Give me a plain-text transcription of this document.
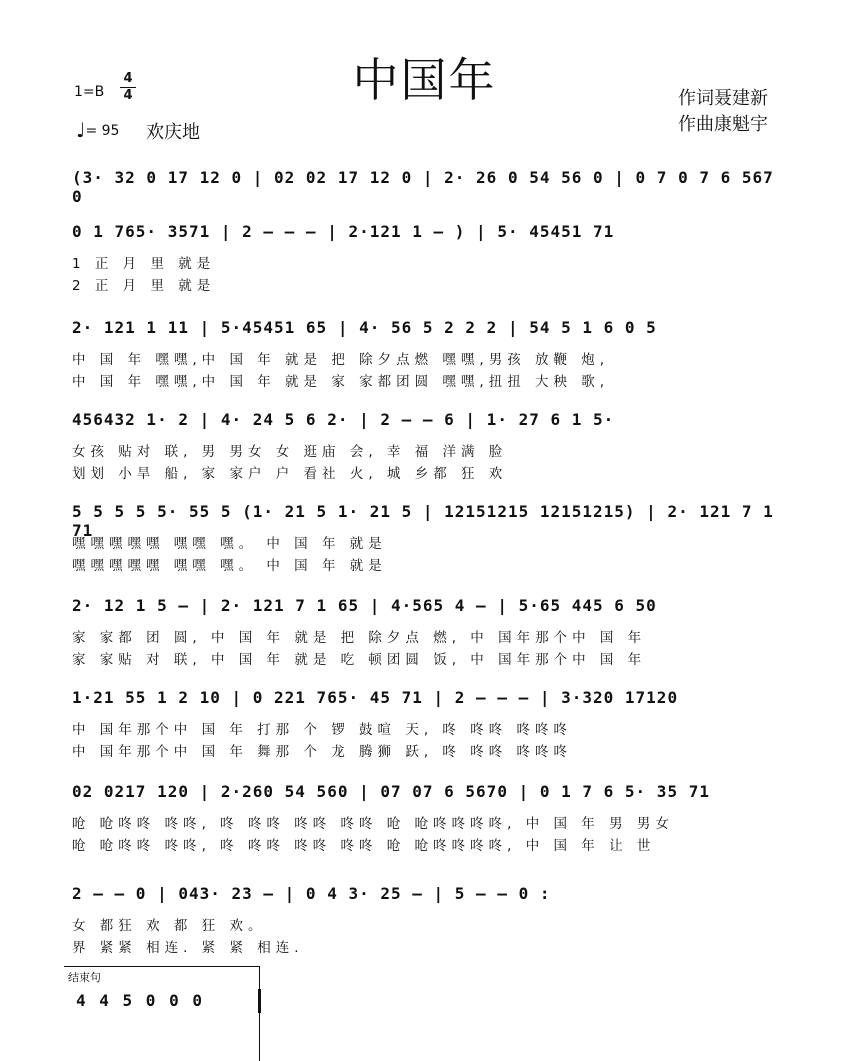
中国年
1=B
4
4
♩= 95 欢庆地
作词聂建新
作曲康魁宇
(3· 32 0 17 12 0 | 02 02 17 12 0 | 2· 26 0 54 56 0 | 0 7 0 7 6 567 0
0 1 765· 3571 | 2 – – – | 2·121 1 – ) | 5· 45451 71
1 正 月 里 就是
2 正 月 里 就是
2· 121 1 11 | 5·45451 65 | 4· 56 5 2 2 2 | 54 5 1 6 0 5
中 国 年 嘿嘿,中 国 年 就是 把 除夕点燃 嘿嘿,男孩 放鞭 炮,
中 国 年 嘿嘿,中 国 年 就是 家 家都团圆 嘿嘿,扭扭 大秧 歌,
456432 1· 2 | 4· 24 5 6 2· | 2 – – 6 | 1· 27 6 1 5·
女孩 贴对 联, 男 男女 女 逛庙 会, 幸 福 洋满 脸
划划 小旱 船, 家 家户 户 看社 火, 城 乡都 狂 欢
5 5 5 5 5· 55 5 (1· 21 5 1· 21 5 | 12151215 12151215) | 2· 121 7 1 71
嘿嘿嘿嘿嘿 嘿嘿 嘿。 中 国 年 就是
嘿嘿嘿嘿嘿 嘿嘿 嘿。 中 国 年 就是
2· 12 1 5 – | 2· 121 7 1 65 | 4·565 4 – | 5·65 445 6 50
家 家都 团 圆, 中 国 年 就是 把 除夕点 燃, 中 国年那个中 国 年
家 家贴 对 联, 中 国 年 就是 吃 顿团圆 饭, 中 国年那个中 国 年
1·21 55 1 2 10 | 0 221 765· 45 71 | 2 – – – | 3·320 17120
中 国年那个中 国 年 打那 个 锣 鼓喧 天, 咚 咚咚 咚咚咚
中 国年那个中 国 年 舞那 个 龙 腾狮 跃, 咚 咚咚 咚咚咚
02 0217 120 | 2·260 54 560 | 07 07 6 5670 | 0 1 7 6 5· 35 71
呛 呛咚咚 咚咚, 咚 咚咚 咚咚 咚咚 呛 呛咚咚咚咚, 中 国 年 男 男女
呛 呛咚咚 咚咚, 咚 咚咚 咚咚 咚咚 呛 呛咚咚咚咚, 中 国 年 让 世
2 – – 0 | 043· 23 – | 0 4 3· 25 – | 5 – – 0 :
女 都狂 欢 都 狂 欢。
界 紧紧 相连. 紧 紧 相连.
结束句
4 4 5 0 0 0
